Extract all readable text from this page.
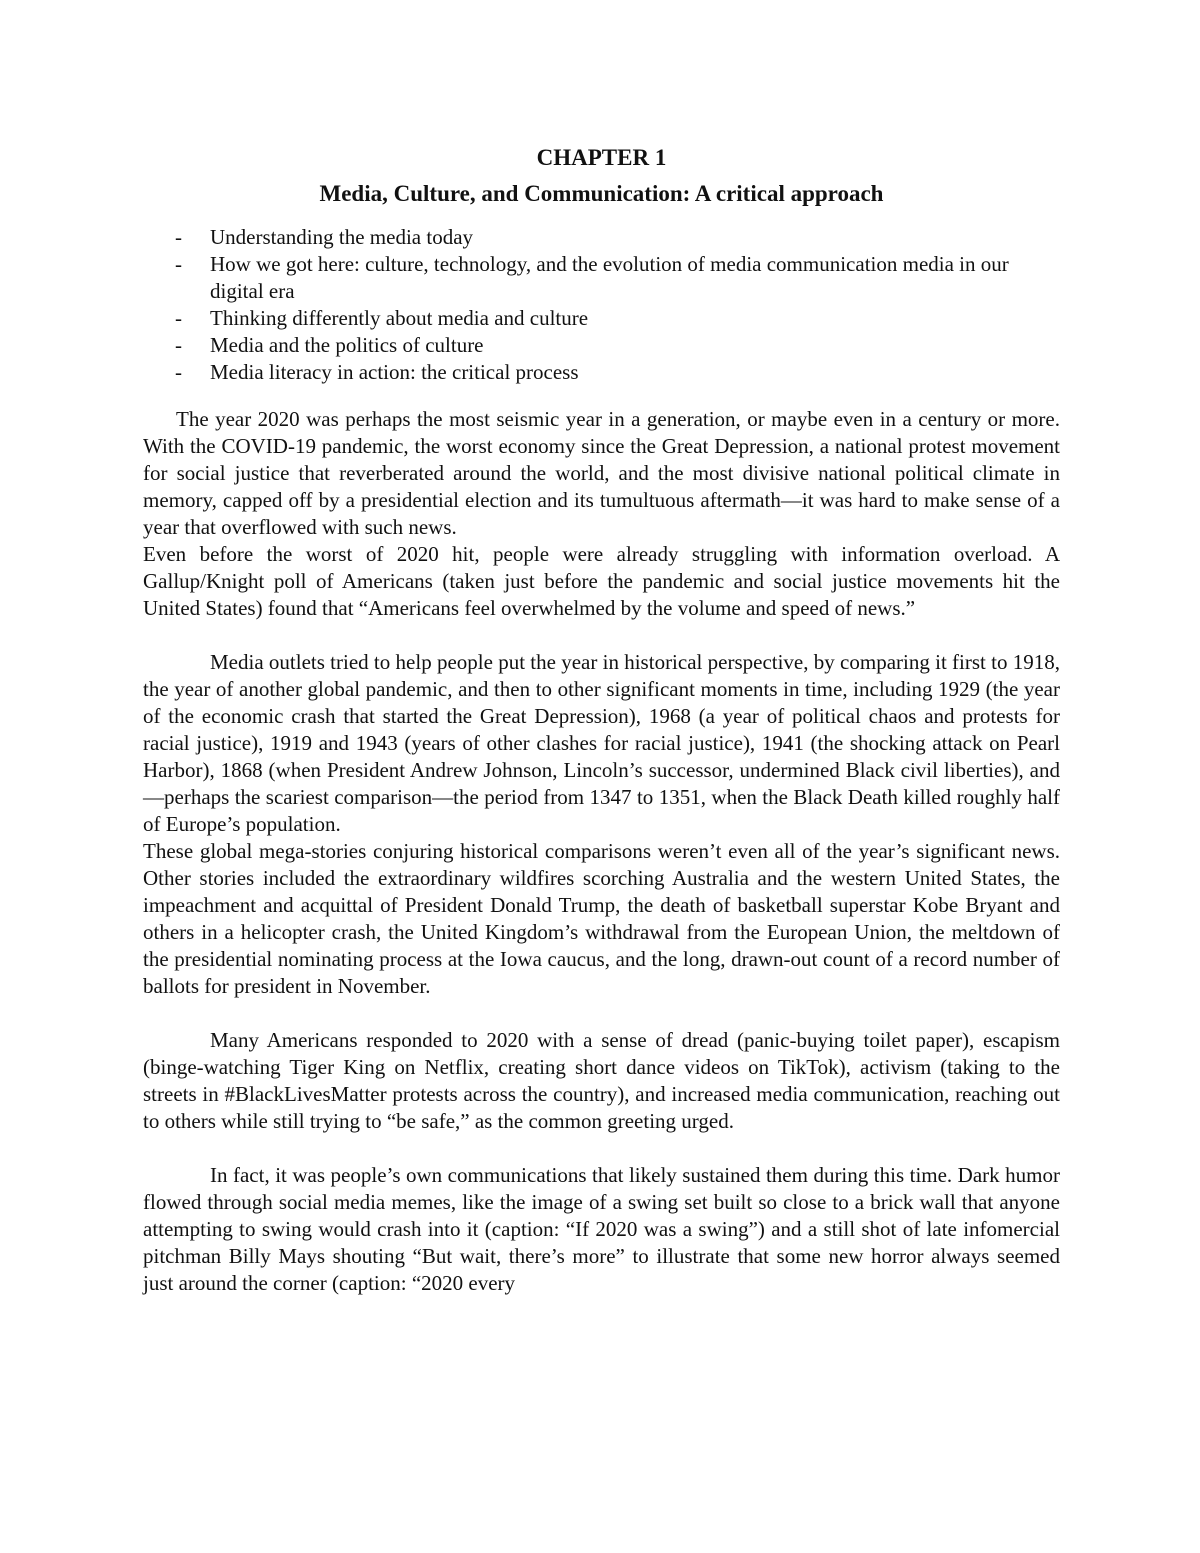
CHAPTER 1
Media, Culture, and Communication: A critical approach
- Understanding the media today
- How we got here: culture, technology, and the evolution of media communication media in our digital era
- Thinking differently about media and culture
- Media and the politics of culture
- Media literacy in action: the critical process

The year 2020 was perhaps the most seismic year in a generation, or maybe even in a century or more. With the COVID-19 pandemic, the worst economy since the Great Depression, a national protest movement for social justice that reverberated around the world, and the most divisive national political climate in memory, capped off by a presidential election and its tumultuous aftermath—it was hard to make sense of a year that overflowed with such news.

Even before the worst of 2020 hit, people were already struggling with information overload. A Gallup/Knight poll of Americans (taken just before the pandemic and social justice movements hit the United States) found that “Americans feel overwhelmed by the volume and speed of news.”

Media outlets tried to help people put the year in historical perspective, by comparing it first to 1918, the year of another global pandemic, and then to other significant moments in time, including 1929 (the year of the economic crash that started the Great Depression), 1968 (a year of political chaos and protests for racial justice), 1919 and 1943 (years of other clashes for racial justice), 1941 (the shocking attack on Pearl Harbor), 1868 (when President Andrew Johnson, Lincoln’s successor, undermined Black civil liberties), and—perhaps the scariest comparison—the period from 1347 to 1351, when the Black Death killed roughly half of Europe’s population.

These global mega-stories conjuring historical comparisons weren’t even all of the year’s significant news. Other stories included the extraordinary wildfires scorching Australia and the western United States, the impeachment and acquittal of President Donald Trump, the death of basketball superstar Kobe Bryant and others in a helicopter crash, the United Kingdom’s withdrawal from the European Union, the meltdown of the presidential nominating process at the Iowa caucus, and the long, drawn-out count of a record number of ballots for president in November.

Many Americans responded to 2020 with a sense of dread (panic-buying toilet paper), escapism (binge-watching Tiger King on Netflix, creating short dance videos on TikTok), activism (taking to the streets in #BlackLivesMatter protests across the country), and increased media communication, reaching out to others while still trying to “be safe,” as the common greeting urged.

In fact, it was people’s own communications that likely sustained them during this time. Dark humor flowed through social media memes, like the image of a swing set built so close to a brick wall that anyone attempting to swing would crash into it (caption: “If 2020 was a swing”) and a still shot of late infomercial pitchman Billy Mays shouting “But wait, there’s more” to illustrate that some new horror always seemed just around the corner (caption: “2020 every
